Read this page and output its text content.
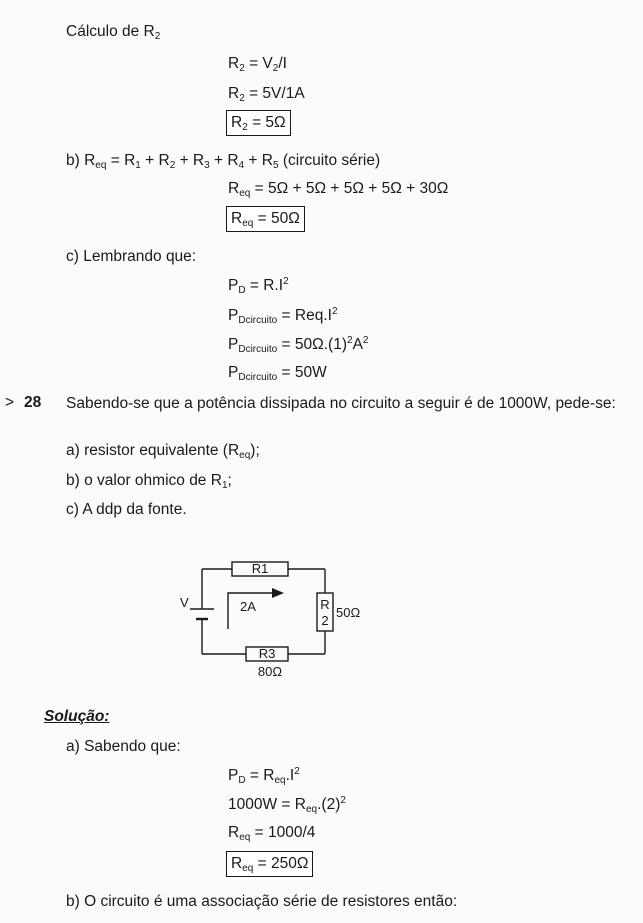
Cálculo de $R_2$
$R_2 = V_2/I$
$R_2 = 5V/1A$
$R_2 = 5\Omega$
b) $R_{eq} = R_1 + R_2 + R_3 + R_4 + R_5$ (circuito série)
$R_{eq} = 5\Omega + 5\Omega + 5\Omega + 5\Omega + 30\Omega$
$R_{eq} = 50\Omega$
c) Lembrando que:
$P_D = R.I^2$
$P_{Dcircuito} = Req.I^2$
$P_{Dcircuito} = 50\Omega.(1)^2A^2$
$P_{Dcircuito} = 50W$
> 28 Sabendo-se que a potência dissipada no circuito a seguir é de 1000W, pede-se:
a) resistor equivalente $(R_{eq})$;
b) o valor ohmico de $R_1$;
c) A ddp da fonte.
R1
R
2
50Ω
R3
80Ω
V	2A
Solução:
a) Sabendo que:
$P_D = R_{eq}.I^2$
$1000W = R_{eq}.(2)^2$
$R_{eq} = 1000/4$
$R_{eq} = 250\Omega$
b) O circuito é uma associação série de resistores então:
